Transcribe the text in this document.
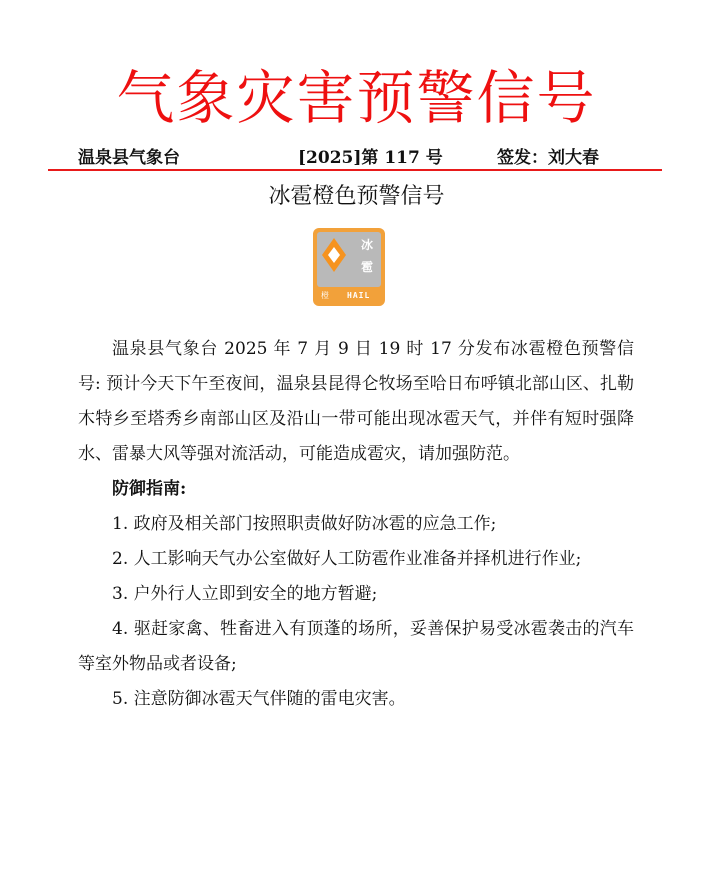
气象灾害预警信号
温泉县气象台	[2025]第 117 号	签发：刘大春
冰雹橙色预警信号
冰
雹
橙 HAIL

温泉县气象台 2025 年 7 月 9 日 19 时 17 分发布冰雹橙色预警信号: 预计今天下午至夜间，温泉县昆得仑牧场至哈日布呼镇北部山区、扎勒木特乡至塔秀乡南部山区及沿山一带可能出现冰雹天气，并伴有短时强降水、雷暴大风等强对流活动，可能造成雹灾，请加强防范。

防御指南:

1. 政府及相关部门按照职责做好防冰雹的应急工作;

2. 人工影响天气办公室做好人工防雹作业准备并择机进行作业;

3. 户外行人立即到安全的地方暂避;

4. 驱赶家禽、牲畜进入有顶蓬的场所，妥善保护易受冰雹袭击的汽车等室外物品或者设备;

5. 注意防御冰雹天气伴随的雷电灾害。
